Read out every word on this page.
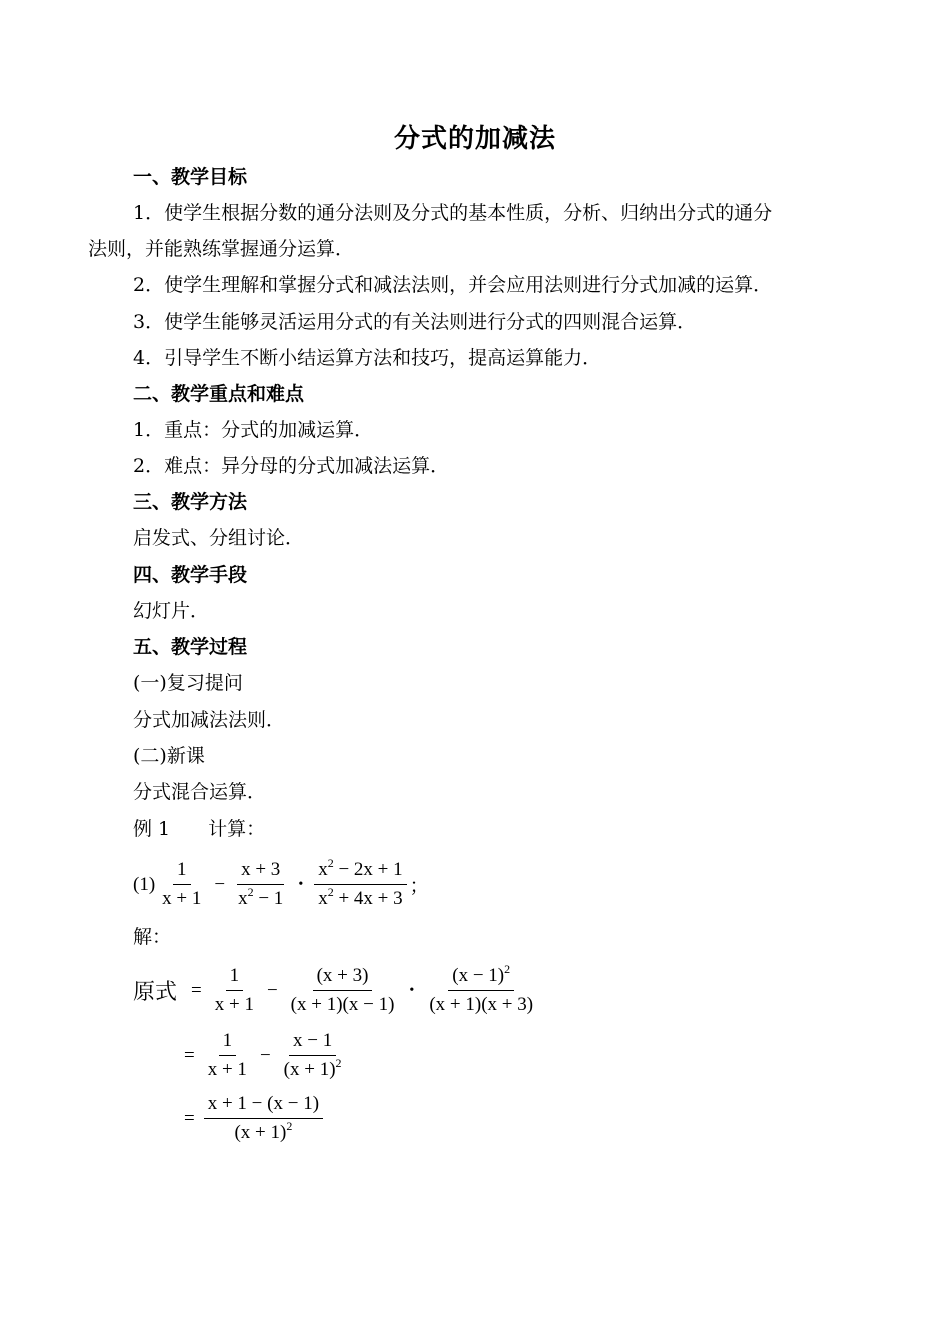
分式的加减法
一、教学目标
1．使学生根据分数的通分法则及分式的基本性质，分析、归纳出分式的通分
法则，并能熟练掌握通分运算．
2．使学生理解和掌握分式和减法法则，并会应用法则进行分式加减的运算．
3．使学生能够灵活运用分式的有关法则进行分式的四则混合运算．
4．引导学生不断小结运算方法和技巧，提高运算能力．
二、教学重点和难点
1．重点：分式的加减运算．
2．难点：异分母的分式加减法运算．
三、教学方法
启发式、分组讨论．
四、教学手段
幻灯片．
五、教学过程
(一)复习提问
分式加减法法则．
(二)新课
分式混合运算．
例 1　　计算：
$(1) \frac{1}{x + 1} - \frac{x + 3}{x^2 - 1}$ • $\frac{x^2 - 2x + 1}{x^2 + 4x + 3}$ ；
解：
原式 = $\frac{1}{x + 1} - \frac{(x + 3)}{(x + 1)(x - 1)}$ • $\frac{(x - 1)^2}{(x + 1)(x + 3)}$
= $\frac{1}{x + 1} - \frac{x - 1}{(x + 1)^2}$
= $\frac{x + 1 - (x - 1)}{(x + 1)^2}$
